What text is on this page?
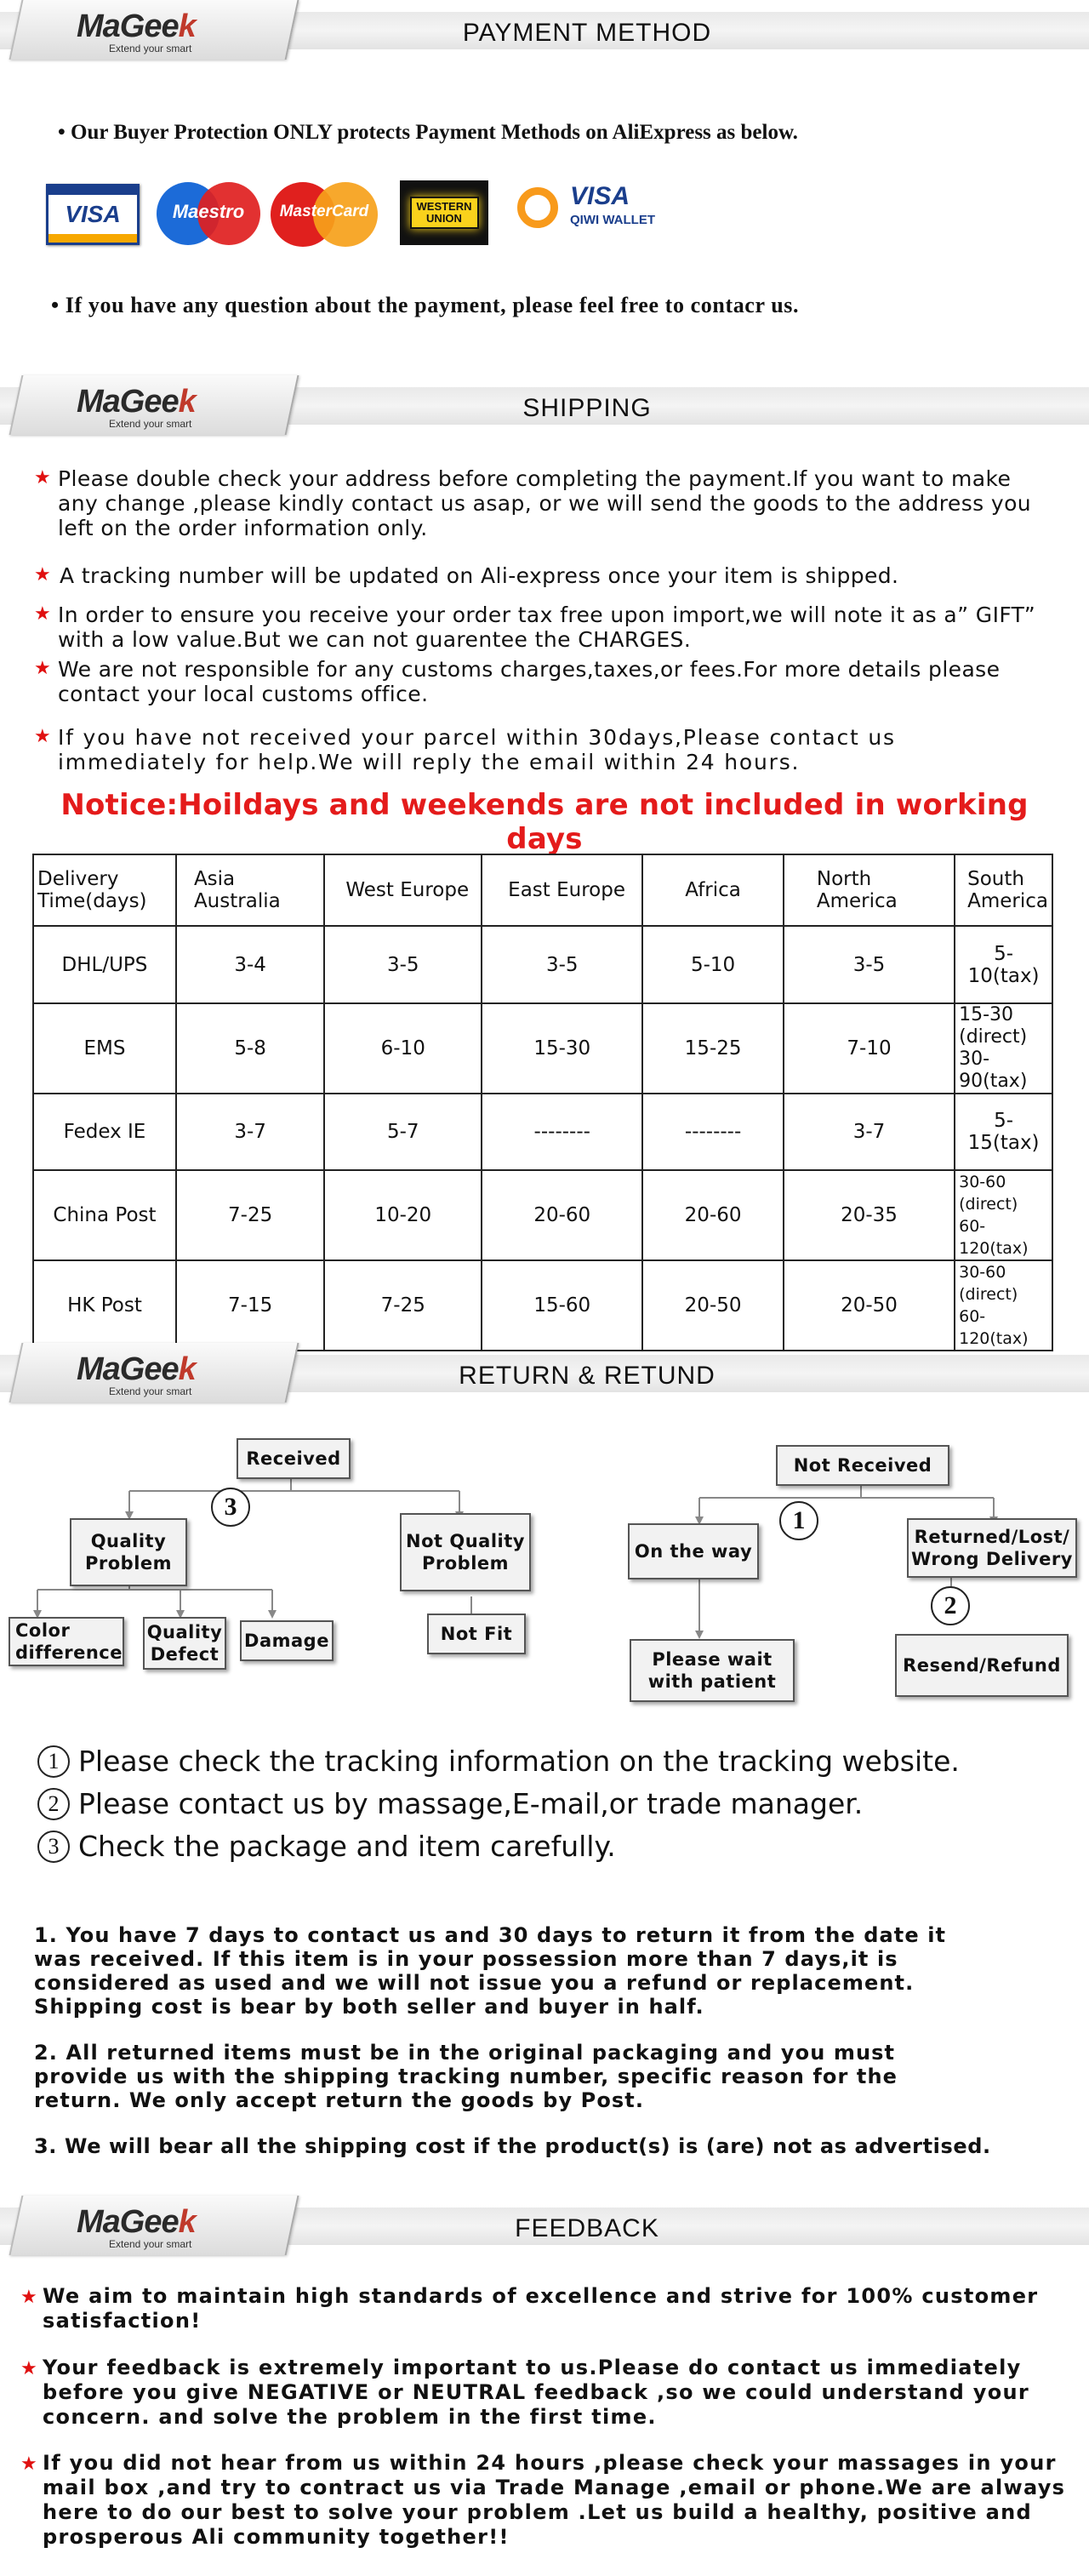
MaGeek
Extend your smart
PAYMENT METHOD
• Our Buyer Protection ONLY protects Payment Methods on AliExpress as below.
VISA	Maestro	MasterCard	WESTERN
UNION
VISA
QIWI WALLET
• If you have any question about the payment, please feel free to contacr us.
MaGeek
Extend your smart
SHIPPING
★ Please double check your address before completing the payment.If you want to make any change ,please kindly contact us asap, or we will send the goods to the address you left on the order information only.
★ A tracking number will be updated on Ali-express once your item is shipped.
★ In order to ensure you receive your order tax free upon import,we will note it as a” GIFT” with a low value.But we can not guarentee the CHARGES.
★ We are not responsible for any customs charges,taxes,or fees.For more details please contact your local customs office.
★ If you have not received your parcel within 30days,Please contact us immediately for help.We will reply the email within 24 hours.
Notice:Hoildays and weekends are not included in working days
Delivery Time(days)	Asia Australia	West Europe	East Europe	Africa	North America	South America
DHL/UPS	3-4	3-5	3-5	5-10	3-5	5-10(tax)
EMS	5-8	6-10	15-30	15-25	7-10	15-30 (direct) 30-90(tax)
Fedex IE	3-7	5-7	--------	--------	3-7	5-15(tax)
China Post	7-25	10-20	20-60	20-60	20-35	30-60 (direct) 60-120(tax)
HK Post	7-15	7-25	15-60	20-50	20-50	30-60 (direct) 60-120(tax)
MaGeek
Extend your smart
RETURN & RETUND
Received
3
Quality Problem
Not Quality Problem
Color difference
Quality Defect
Damage	Not Fit
Not Received
1
On the way
Returned/Lost/ Wrong Delivery
2
Please wait with patient
Resend/Refund
1 Please check the tracking information on the tracking website.
2 Please contact us by massage,E-mail,or trade manager.
3 Check the package and item carefully.
1. You have 7 days to contact us and 30 days to return it from the date it
was received. If this item is in your possession more than 7 days,it is
considered as used and we will not issue you a refund or replacement.
Shipping cost is bear by both seller and buyer in half.
2. All returned items must be in the original packaging and you must
provide us with the shipping tracking number, specific reason for the
return. We only accept return the goods by Post.
3. We will bear all the shipping cost if the product(s) is (are) not as advertised.
MaGeek
Extend your smart
FEEDBACK
★ We aim to maintain high standards of excellence and strive for 100% customer satisfaction!
★ Your feedback is extremely important to us.Please do contact us immediately before you give NEGATIVE or NEUTRAL feedback ,so we could understand your concern. and solve the problem in the first time.
★ If you did not hear from us within 24 hours ,please check your massages in your mail box ,and try to contract us via Trade Manage ,email or phone.We are always here to do our best to solve your problem .Let us build a healthy, positive and prosperous Ali community together!!
